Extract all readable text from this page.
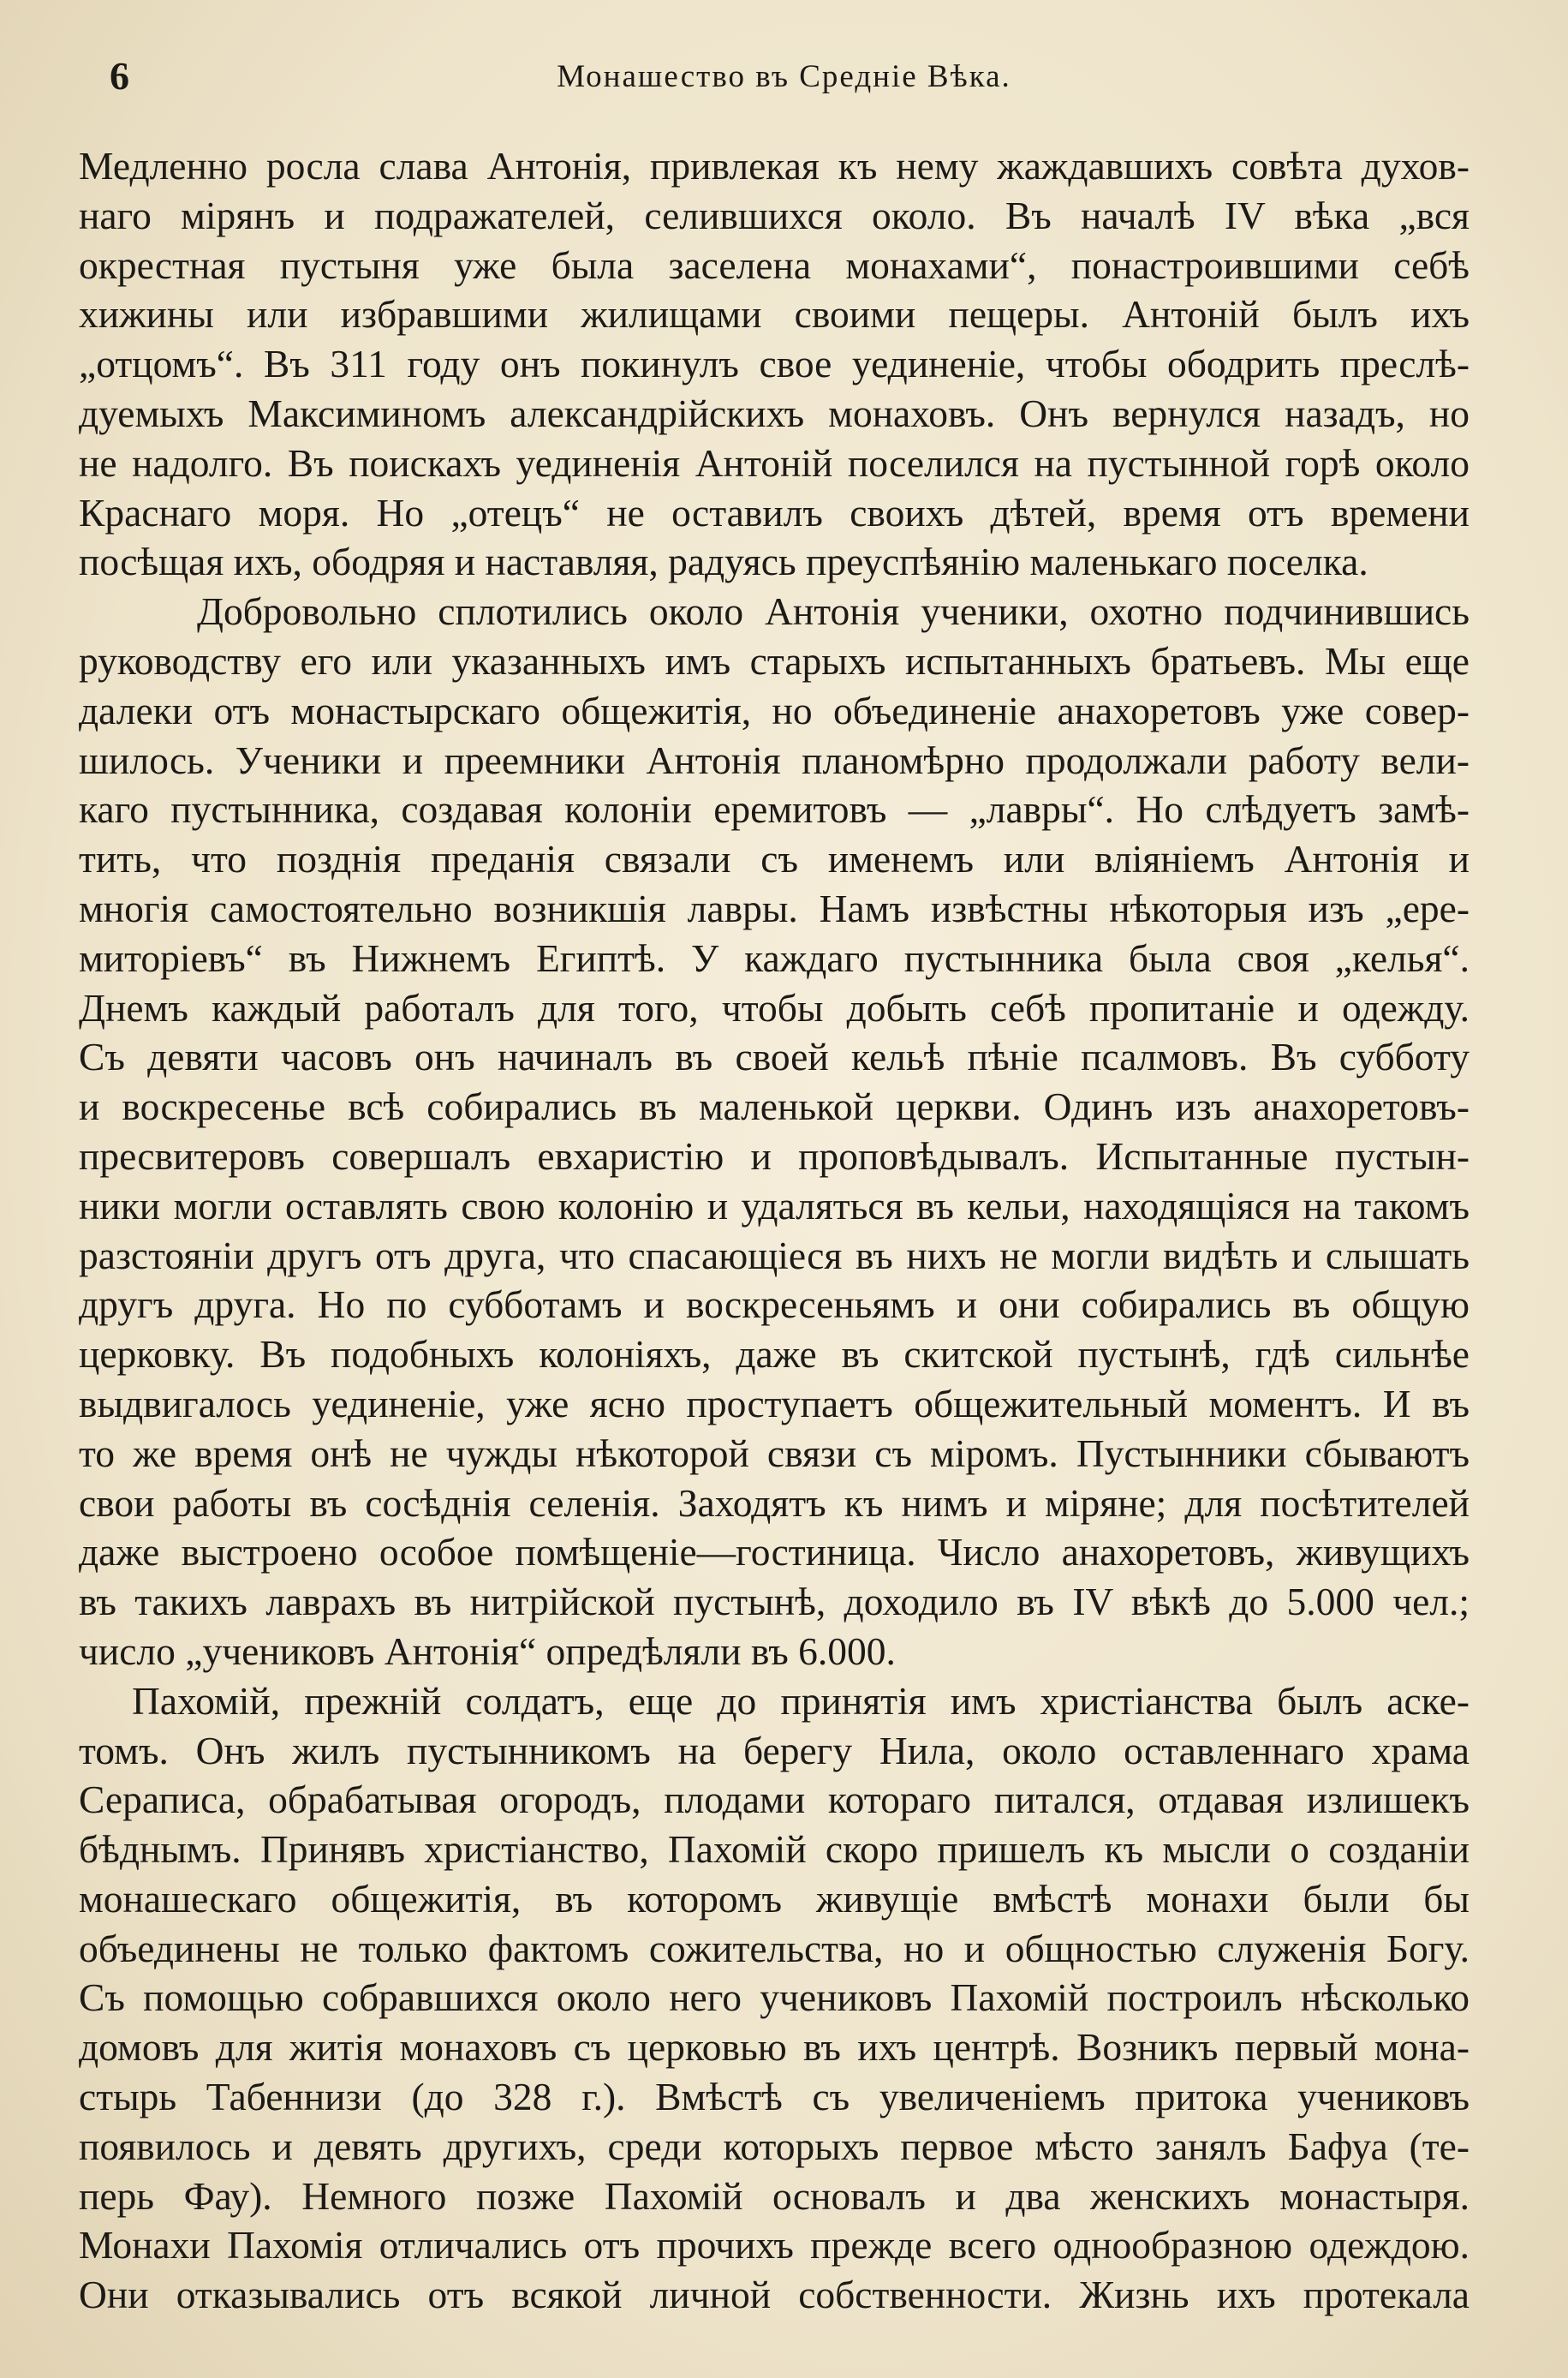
6	Монашество въ Средніе Вѣка.
Медленно росла слава Антонія, привлекая къ нему жаждавшихъ совѣта духов-
наго мірянъ и подражателей, селившихся около. Въ началѣ IV вѣка „вся
окрестная пустыня уже была заселена монахами“, понастроившими себѣ
хижины или избравшими жилищами своими пещеры. Антоній былъ ихъ
„отцомъ“. Въ 311 году онъ покинулъ свое уединеніе, чтобы ободрить преслѣ-
дуемыхъ Максиминомъ александрійскихъ монаховъ. Онъ вернулся назадъ, но
не надолго. Въ поискахъ уединенія Антоній поселился на пустынной горѣ около
Краснаго моря. Но „отецъ“ не оставилъ своихъ дѣтей, время отъ времени
посѣщая ихъ, ободряя и наставляя, радуясь преуспѣянію маленькаго поселка.
Добровольно сплотились около Антонія ученики, охотно подчинившись
руководству его или указанныхъ имъ старыхъ испытанныхъ братьевъ. Мы еще
далеки отъ монастырскаго общежитія, но объединеніе анахоретовъ уже совер-
шилось. Ученики и преемники Антонія планомѣрно продолжали работу вели-
каго пустынника, создавая колоніи еремитовъ — „лавры“. Но слѣдуетъ замѣ-
тить, что позднія преданія связали съ именемъ или вліяніемъ Антонія и
многія самостоятельно возникшія лавры. Намъ извѣстны нѣкоторыя изъ „ере-
миторіевъ“ въ Нижнемъ Египтѣ. У каждаго пустынника была своя „келья“.
Днемъ каждый работалъ для того, чтобы добыть себѣ пропитаніе и одежду.
Съ девяти часовъ онъ начиналъ въ своей кельѣ пѣніе псалмовъ. Въ субботу
и воскресенье всѣ собирались въ маленькой церкви. Одинъ изъ анахоретовъ-
пресвитеровъ совершалъ евхаристію и проповѣдывалъ. Испытанные пустын-
ники могли оставлять свою колонію и удаляться въ кельи, находящіяся на такомъ
разстояніи другъ отъ друга, что спасающіеся въ нихъ не могли видѣть и слышать
другъ друга. Но по субботамъ и воскресеньямъ и они собирались въ общую
церковку. Въ подобныхъ колоніяхъ, даже въ скитской пустынѣ, гдѣ сильнѣе
выдвигалось уединеніе, уже ясно проступаетъ общежительный моментъ. И въ
то же время онѣ не чужды нѣкоторой связи съ міромъ. Пустынники сбываютъ
свои работы въ сосѣднія селенія. Заходятъ къ нимъ и міряне; для посѣтителей
даже выстроено особое помѣщеніе—гостиница. Число анахоретовъ, живущихъ
въ такихъ лаврахъ въ нитрійской пустынѣ, доходило въ IV вѣкѣ до 5.000 чел.;
число „учениковъ Антонія“ опредѣляли въ 6.000.
Пахомій, прежній солдатъ, еще до принятія имъ христіанства былъ аске-
томъ. Онъ жилъ пустынникомъ на берегу Нила, около оставленнаго храма
Сераписа, обрабатывая огородъ, плодами котораго питался, отдавая излишекъ
бѣднымъ. Принявъ христіанство, Пахомій скоро пришелъ къ мысли о созданіи
монашескаго общежитія, въ которомъ живущіе вмѣстѣ монахи были бы
объединены не только фактомъ сожительства, но и общностью служенія Богу.
Съ помощью собравшихся около него учениковъ Пахомій построилъ нѣсколько
домовъ для житія монаховъ съ церковью въ ихъ центрѣ. Возникъ первый мона-
стырь Табеннизи (до 328 г.). Вмѣстѣ съ увеличеніемъ притока учениковъ
появилось и девять другихъ, среди которыхъ первое мѣсто занялъ Бафуа (те-
перь Фау). Немного позже Пахомій основалъ и два женскихъ монастыря.
Монахи Пахомія отличались отъ прочихъ прежде всего однообразною одеждою.
Они отказывались отъ всякой личной собственности. Жизнь ихъ протекала
